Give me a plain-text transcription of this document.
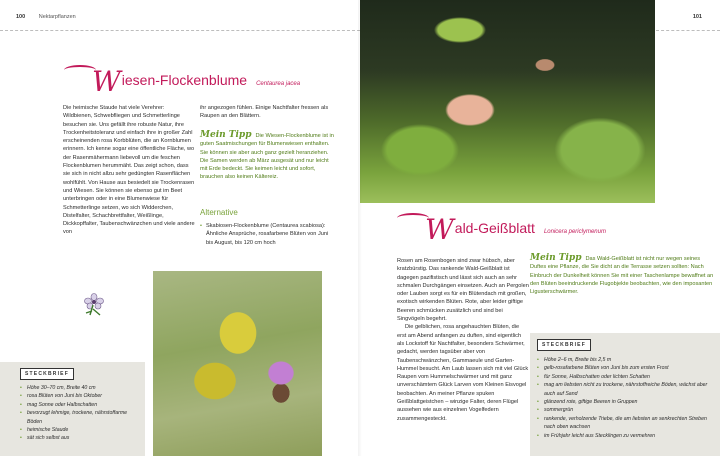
100 Nektarpflanzen
W iesen-Flockenblume Centaurea jacea

Die heimische Staude hat viele Verehrer: Wildbienen, Schwebfliegen und Schmetterlinge besuchen sie. Uns gefällt ihre robuste Natur, ihre Trockenheitstoleranz und einfach ihre in großer Zahl erscheinenden rosa Korbblüten, die an Kornblumen erinnern. Ich kenne sogar eine öffentliche Fläche, wo der Rasenmähermann liebevoll um die feschen Flockenblumen herummäht. Das zeigt schon, dass sie sich in nicht allzu sehr gedüngten Rasenflächen wohlfühlt. Von Hause aus besiedelt sie Trockenrasen und Wiesen. Sie können sie ebenso gut im Beet unterbringen oder in eine Blumenwiese für Schmetterlinge setzen, wo sich Widderchen, Distelfalter, Schachbrettfalter, Weißlinge, Dickkopffalter, Taubenschwänzchen und viele andere von

ihr angezogen fühlen. Einige Nachtfalter fressen als Raupen an den Blättern.

Mein Tipp Die Wiesen-Flockenblume ist in guten Saatmischungen für Blumenwiesen enthalten. Sie können sie aber auch ganz gezielt heranziehen. Die Samen werden ab März ausgesät und nur leicht mit Erde bedeckt. Sie keimen leicht und sofort, brauchen also keinen Kältereiz.
Alternative
• Skabiosen-Flockenblume (Centaurea scabiosa): Ähnliche Ansprüche, rosafarbene Blüten von Juni bis August, bis 120 cm hoch
STECKBRIEF
• Höhe 30–70 cm, Breite 40 cm
• rosa Blüten von Juni bis Oktober
• mag Sonne oder Halbschatten
• bevorzugt lehmige, trockene, nährstoffarme Böden
• heimische Staude
• sät sich selbst aus
101
W ald-Geißblatt Lonicera periclymenum

Rosen am Rosenbogen sind zwar hübsch, aber kratzbürstig. Das rankende Wald-Geißblatt ist dagegen pazifistisch und lässt sich auch an sehr schmalen Durchgängen einsetzen. Auch an Pergolen oder Lauben sorgt es für ein Blütendach mit großen, exotisch wirkenden Blüten. Rote, aber leider giftige Beeren schmücken zusätzlich und sind bei Singvögeln begehrt.

Die gelblichen, rosa angehauchten Blüten, die erst am Abend anfangen zu duften, sind eigentlich als Lockstoff für Nachtfalter, besonders Schwärmer, gedacht, werden tagsüber aber von Taubenschwänzchen, Gammaeule und Garten-Hummel besucht. Am Laub lassen sich mit viel Glück Raupen vom Hummelschwärmer und mit ganz unverschämtem Glück Larven vom Kleinen Eisvogel beobachten. An meiner Pflanze spuken Geißblattgeistchen – winzige Falter, deren Flügel aussehen wie aus einzelnen Vogelfedern zusammengesteckt.

Mein Tipp Das Wald-Geißblatt ist nicht nur wegen seines Duftes eine Pflanze, die Sie dicht an die Terrasse setzen sollten: Nach Einbruch der Dunkelheit können Sie mit einer Taschenlampe bewaffnet an den Blüten beeindruckende Flugobjekte beobachten, wie den imposanten Ligusterschwärmer.
STECKBRIEF
• Höhe 2–6 m, Breite bis 2,5 m
• gelb-rosafarbene Blüten von Juni bis zum ersten Frost
• für Sonne, Halbschatten oder lichten Schatten
• mag am liebsten nicht zu trockene, nährstoffreiche Böden, wächst aber auch auf Sand
• glänzend rote, giftige Beeren in Gruppen
• sommergrün
• rankende, verholzende Triebe, die am liebsten an senkrechten Streben nach oben wachsen
• im Frühjahr leicht aus Stecklingen zu vermehren
